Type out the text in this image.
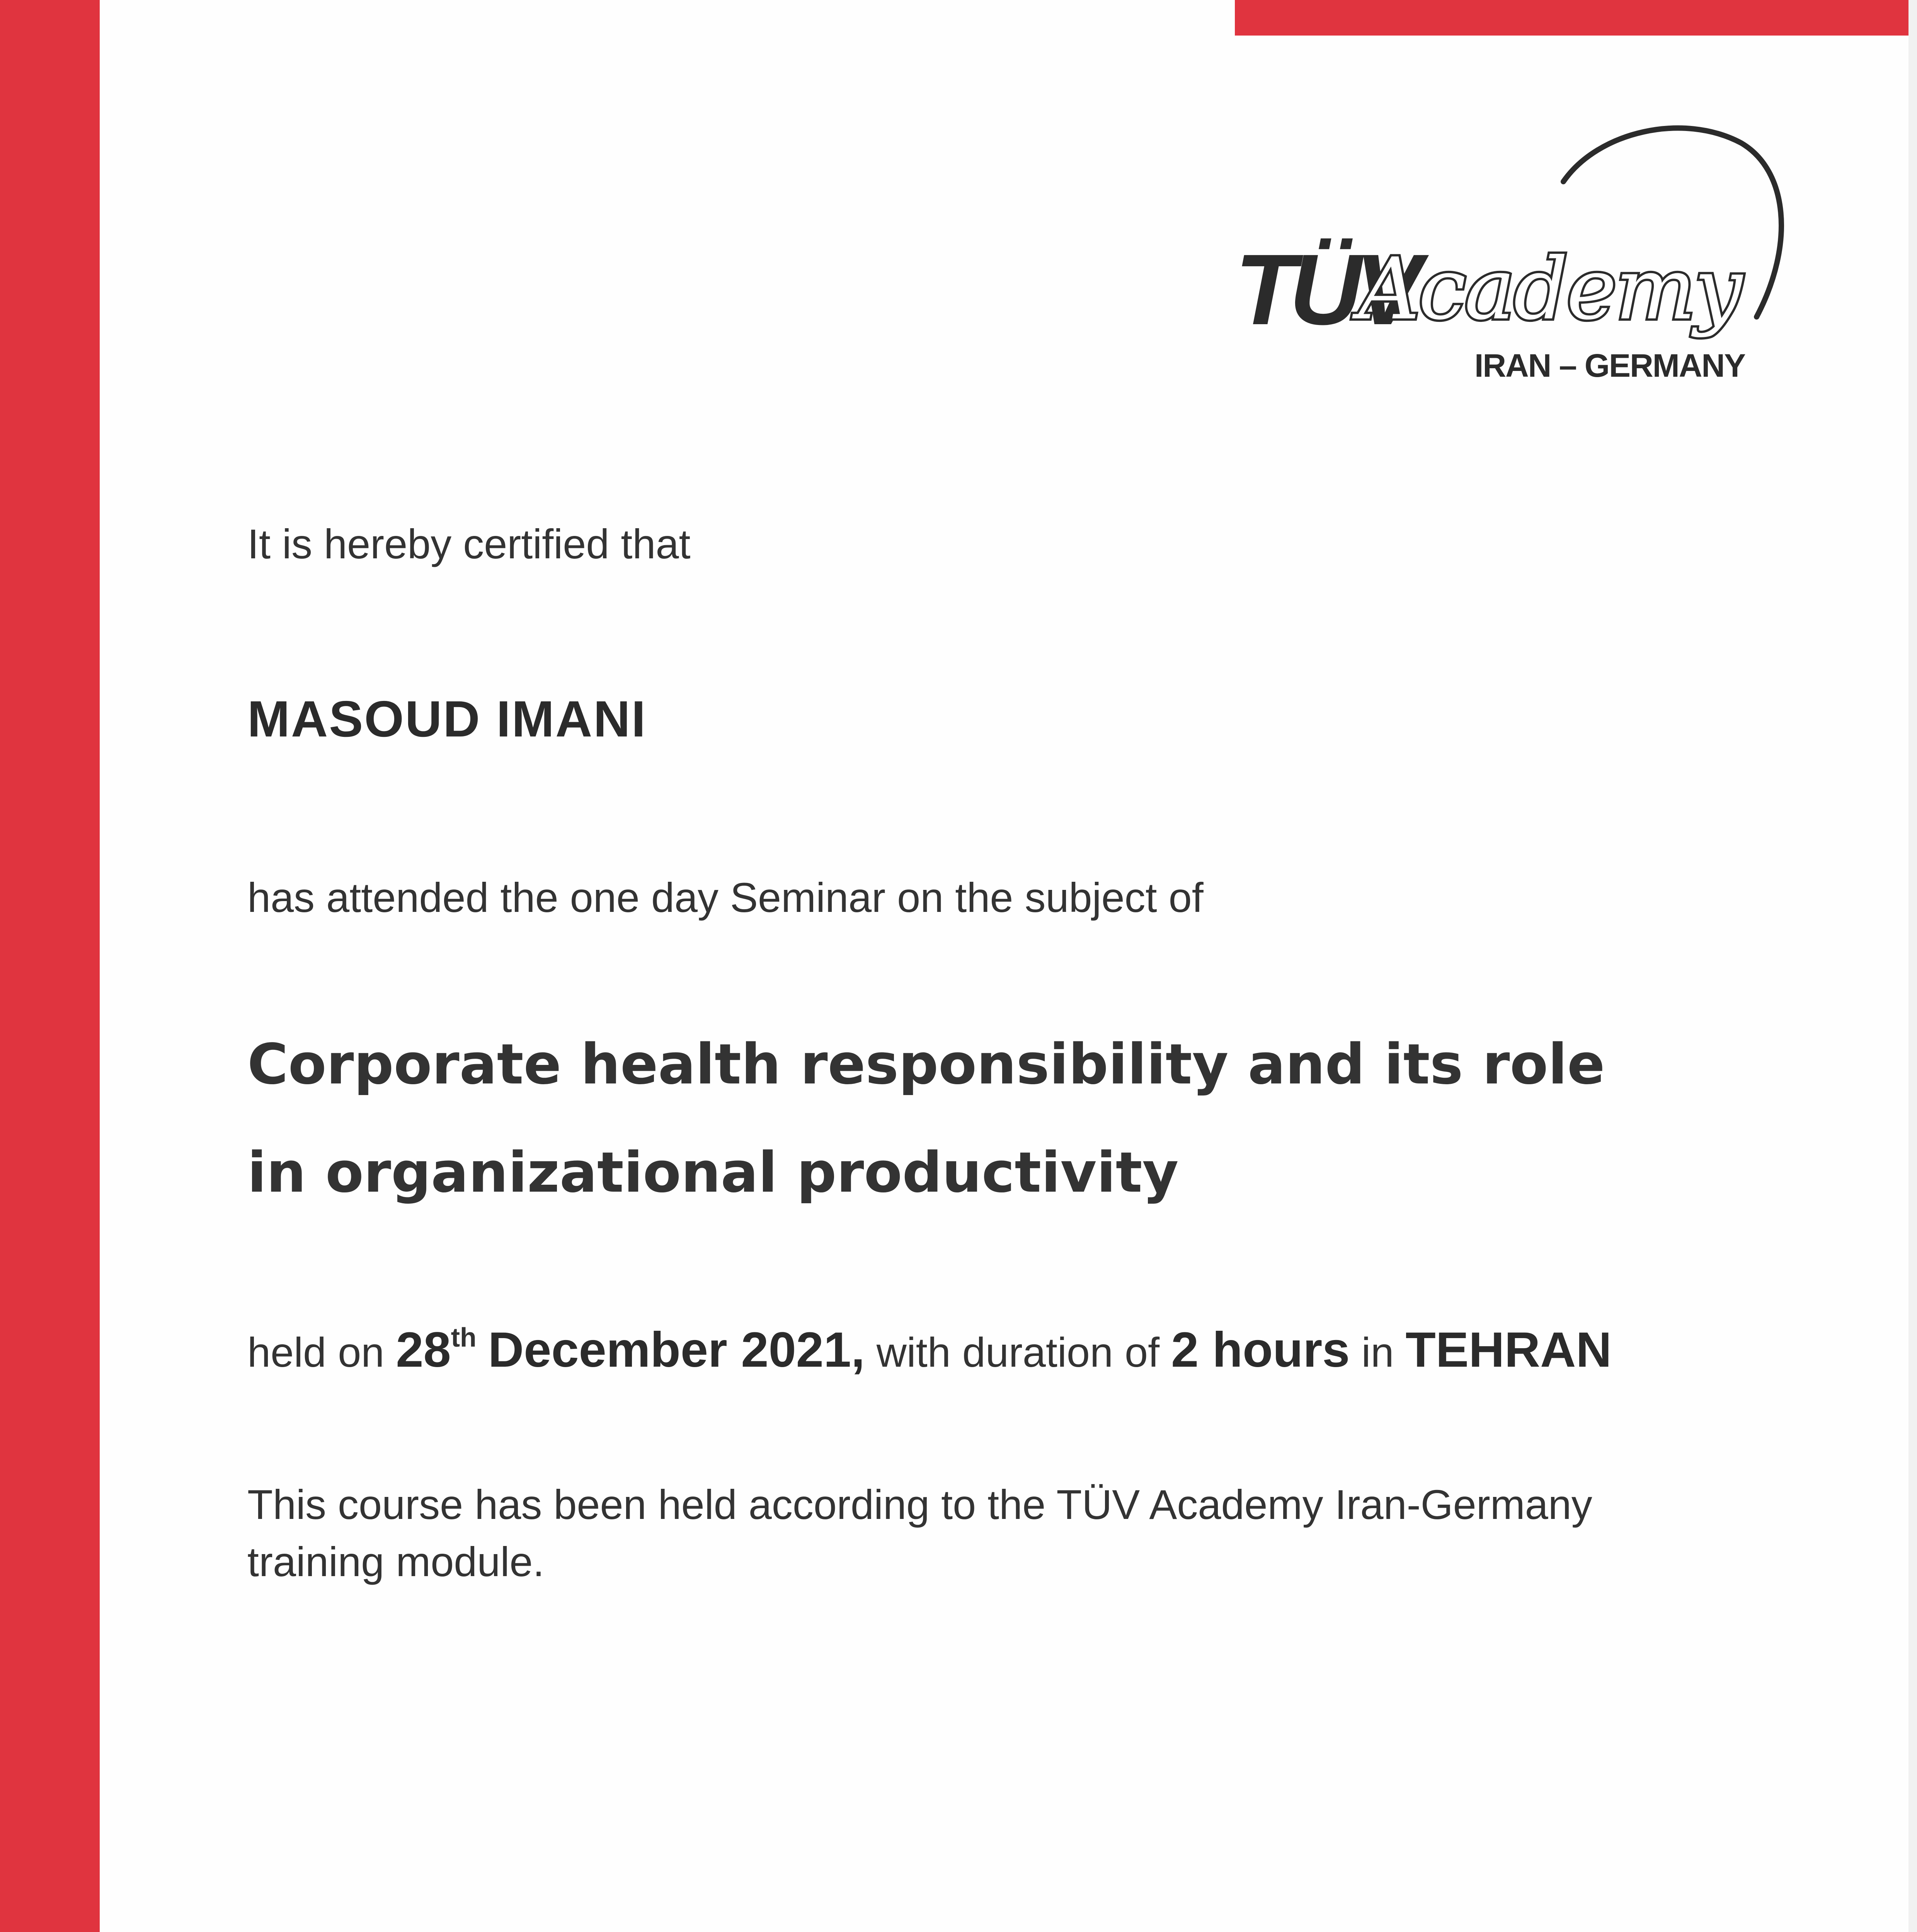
TÜV
Academy
IRAN – GERMANY
It is hereby certified that
MASOUD IMANI
has attended the one day Seminar on the subject of
Corporate health responsibility and its role
in organizational productivity
held on 28th December 2021, with duration of 2 hours in TEHRAN
This course has been held according to the TÜV Academy Iran-Germany training module.
